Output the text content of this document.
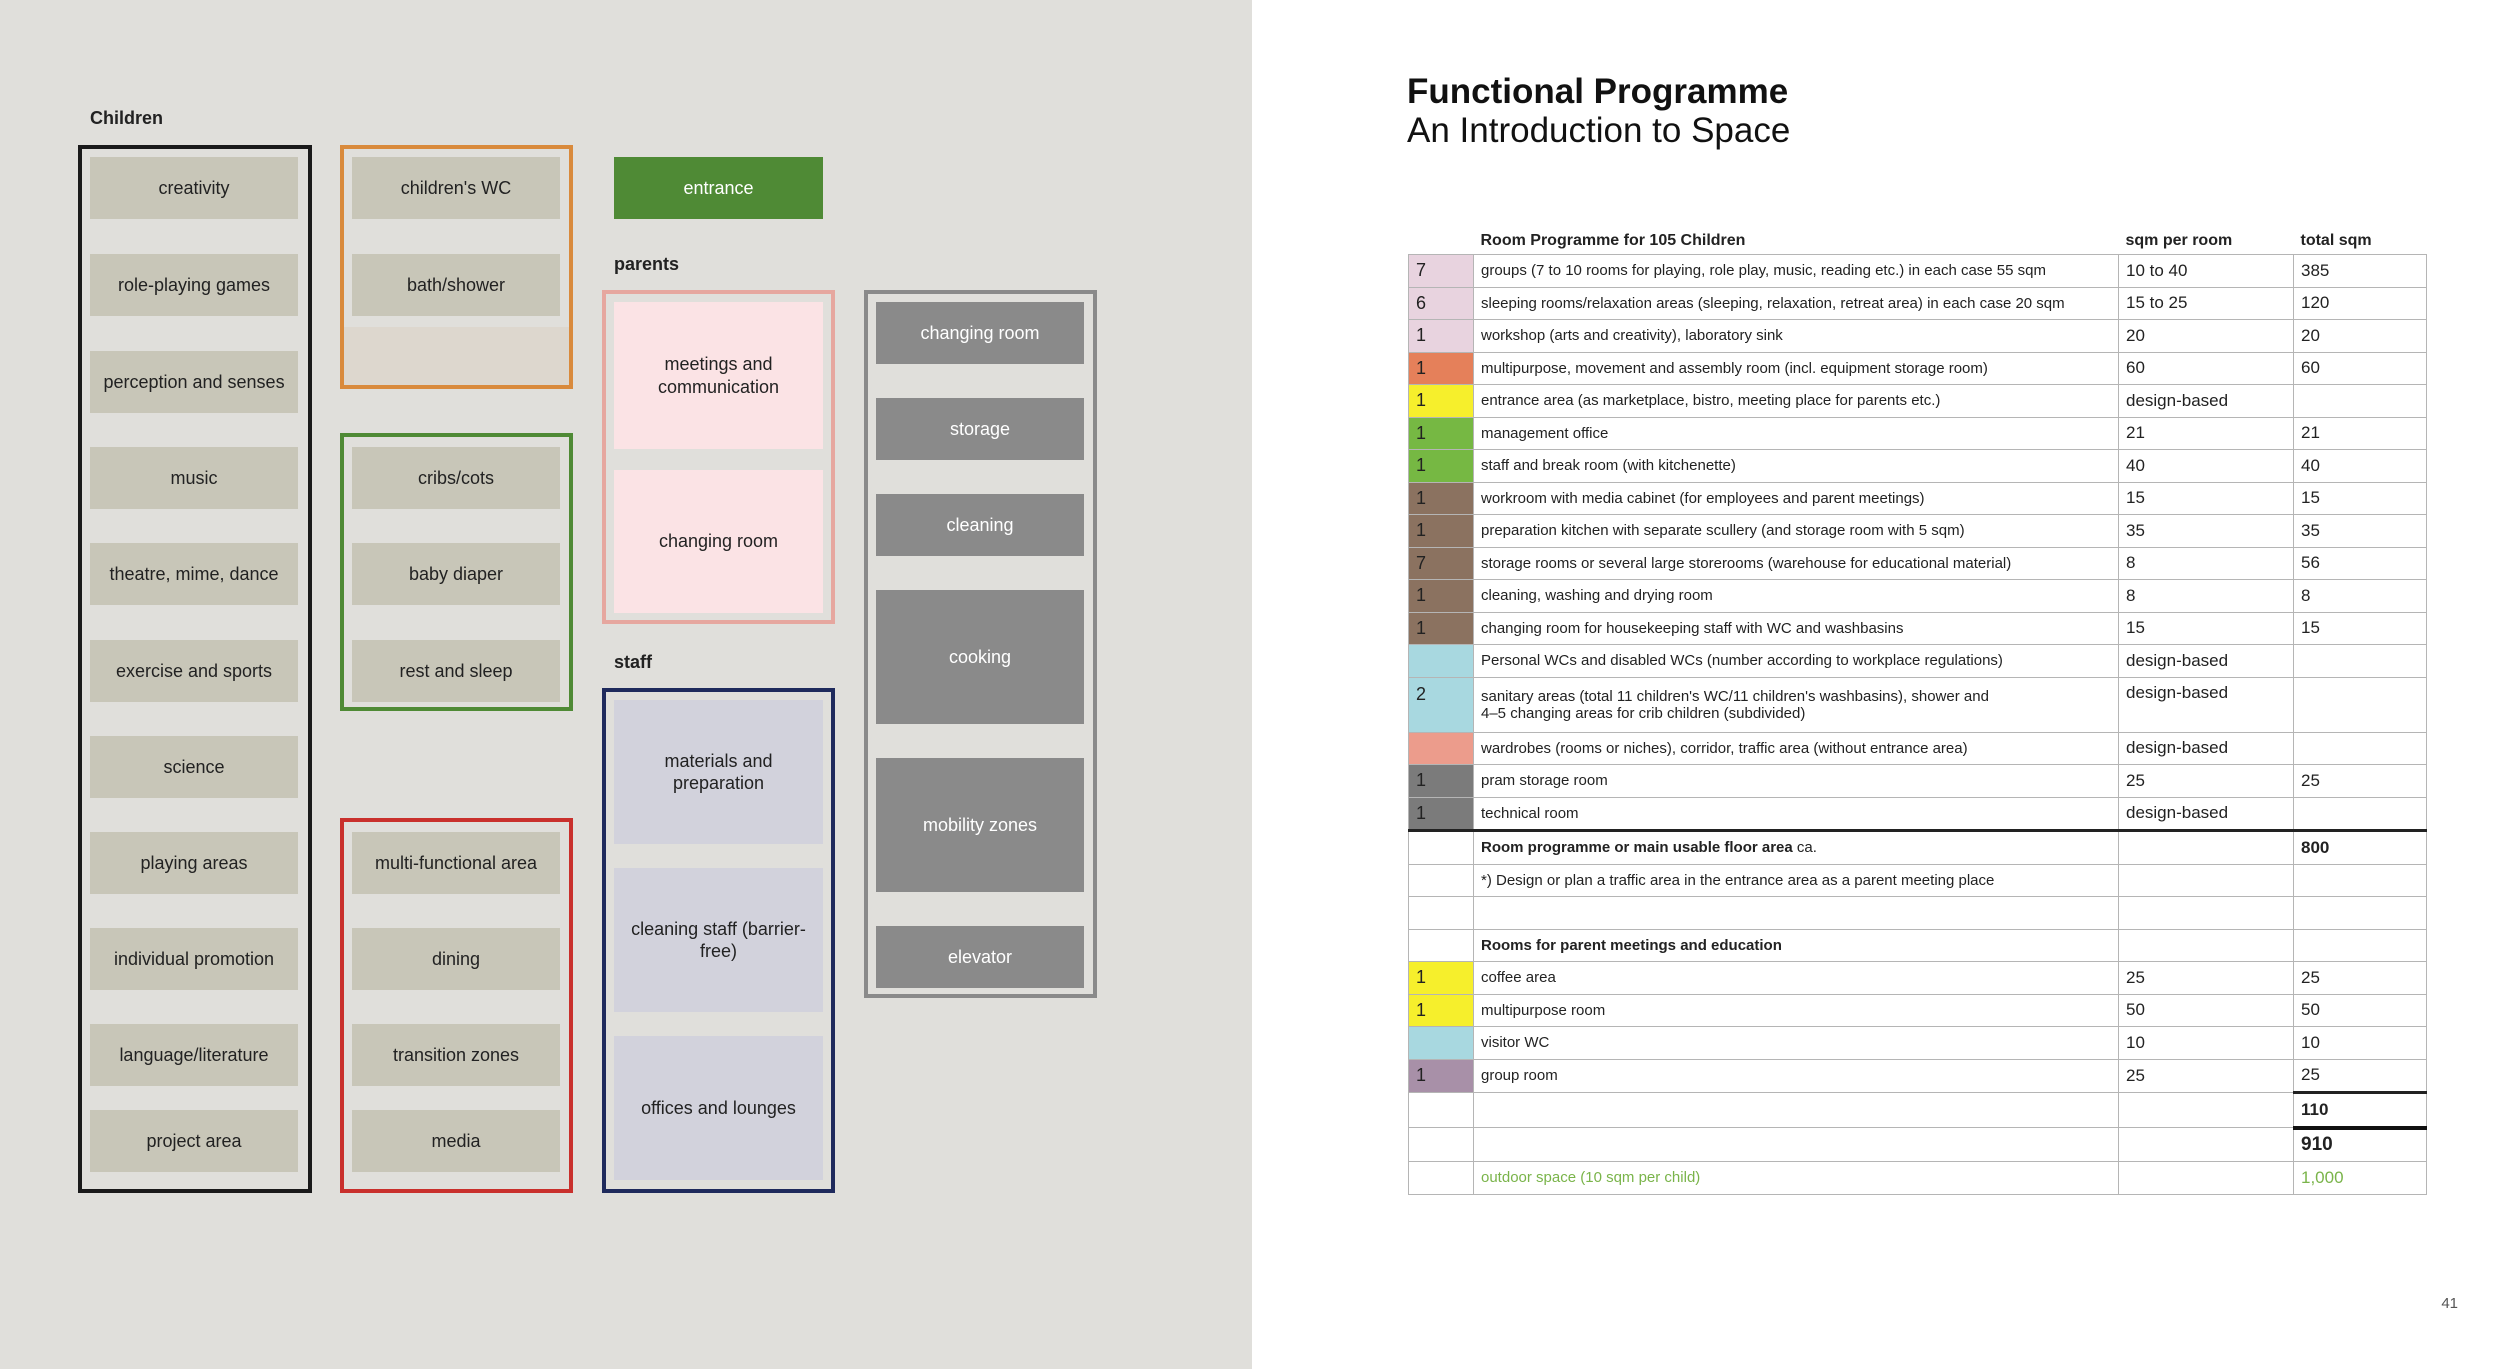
Children
entrance
parents
meetings and communication
changing room
staff
materials and preparation
cleaning staff (barrier-free)
offices and lounges
creativity
role-playing games
perception and senses
music
theatre, mime, dance
exercise and sports
science
playing areas
individual promotion
language/literature
project area
children's WC
bath/shower
cribs/cots
baby diaper
rest and sleep
multi-functional area
dining
transition zones
media
changing room
storage
cleaning
cooking
mobility zones
elevator
Functional Programme
An Introduction to Space
	Room Programme for 105 Children	sqm per room	total sqm
7	groups (7 to 10 rooms for playing, role play, music, reading etc.) in each case 55 sqm	10 to 40	385
6	sleeping rooms/relaxation areas (sleeping, relaxation, retreat area) in each case 20 sqm	15 to 25	120
1	workshop (arts and creativity), laboratory sink	20	20
1	multipurpose, movement and assembly room (incl. equipment storage room)	60	60
1	entrance area (as marketplace, bistro, meeting place for parents etc.)	design-based	
1	management office	21	21
1	staff and break room (with kitchenette)	40	40
1	workroom with media cabinet (for employees and parent meetings)	15	15
1	preparation kitchen with separate scullery (and storage room with 5 sqm)	35	35
7	storage rooms or several large storerooms (warehouse for educational material)	8	56
1	cleaning, washing and drying room	8	8
1	changing room for housekeeping staff with WC and washbasins	15	15
	Personal WCs and disabled WCs (number according to workplace regulations)	design-based	
2	sanitary areas (total 11 children's WC/11 children's washbasins), shower and
4–5 changing areas for crib children (subdivided)	design-based	
	wardrobes (rooms or niches), corridor, traffic area (without entrance area)	design-based	
1	pram storage room	25	25
1	technical room	design-based	
	Room programme or main usable floor area ca.		800
	*) Design or plan a traffic area in the entrance area as a parent meeting place		

	Rooms for parent meetings and education		
1	coffee area	25	25
1	multipurpose room	50	50
	visitor WC	10	10
1	group room	25	25
			110
			910
	outdoor space (10 sqm per child)		1,000
41
